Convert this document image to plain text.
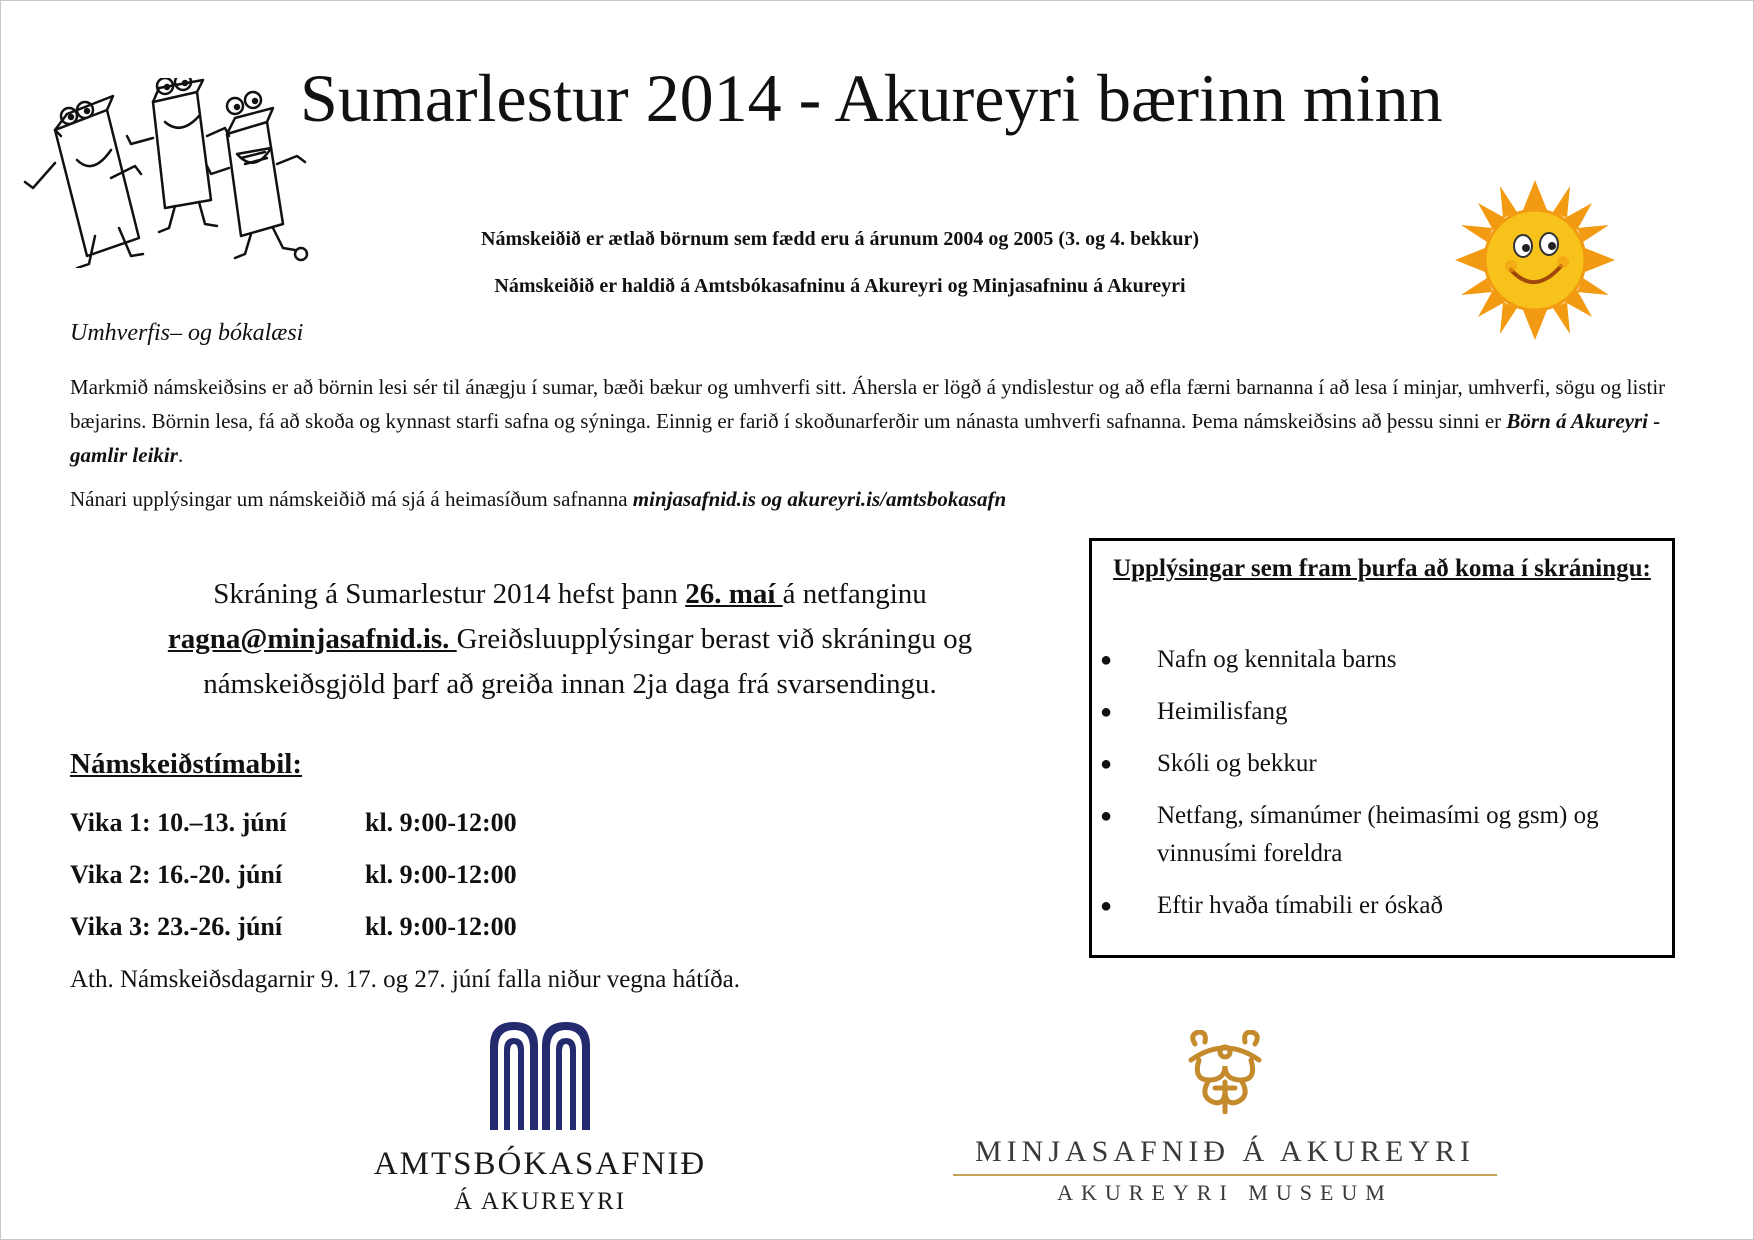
Sumarlestur 2014 - Akureyri bærinn minn
Námskeiðið er ætlað börnum sem fædd eru á árunum 2004 og 2005 (3. og 4. bekkur)
Námskeiðið er haldið á Amtsbókasafninu á Akureyri og Minjasafninu á Akureyri
Umhverfis– og bókalæsi
Markmið námskeiðsins er að börnin lesi sér til ánægju í sumar, bæði bækur og umhverfi sitt. Áhersla er lögð á yndislestur og að efla færni barnanna í að lesa í minjar, umhverfi, sögu og listir bæjarins. Börnin lesa, fá að skoða og kynnast starfi safna og sýninga. Einnig er farið í skoðunarferðir um nánasta umhverfi safnanna. Þema námskeiðsins að þessu sinni er Börn á Akureyri - gamlir leikir.
Nánari upplýsingar um námskeiðið má sjá á heimasíðum safnanna minjasafnid.is og akureyri.is/amtsbokasafn
Skráning á Sumarlestur 2014 hefst þann 26. maí á netfanginu ragna@minjasafnid.is. Greiðsluupplýsingar berast við skráningu og námskeiðsgjöld þarf að greiða innan 2ja daga frá svarsendingu.
Námskeiðstímabil:
Vika 1: 10.–13. júní	kl. 9:00-12:00
Vika 2: 16.-20. júní	kl. 9:00-12:00
Vika 3: 23.-26. júní	kl. 9:00-12:00
Ath. Námskeiðsdagarnir 9. 17. og 27. júní falla niður vegna hátíða.
Upplýsingar sem fram þurfa að koma í skráningu:
● Nafn og kennitala barns
● Heimilisfang
● Skóli og bekkur
● Netfang, símanúmer (heimasími og gsm) og vinnusími foreldra
● Eftir hvaða tímabili er óskað
AMTSBÓKASAFNIÐ
Á AKUREYRI
MINJASAFNIÐ Á AKUREYRI
AKUREYRI MUSEUM
